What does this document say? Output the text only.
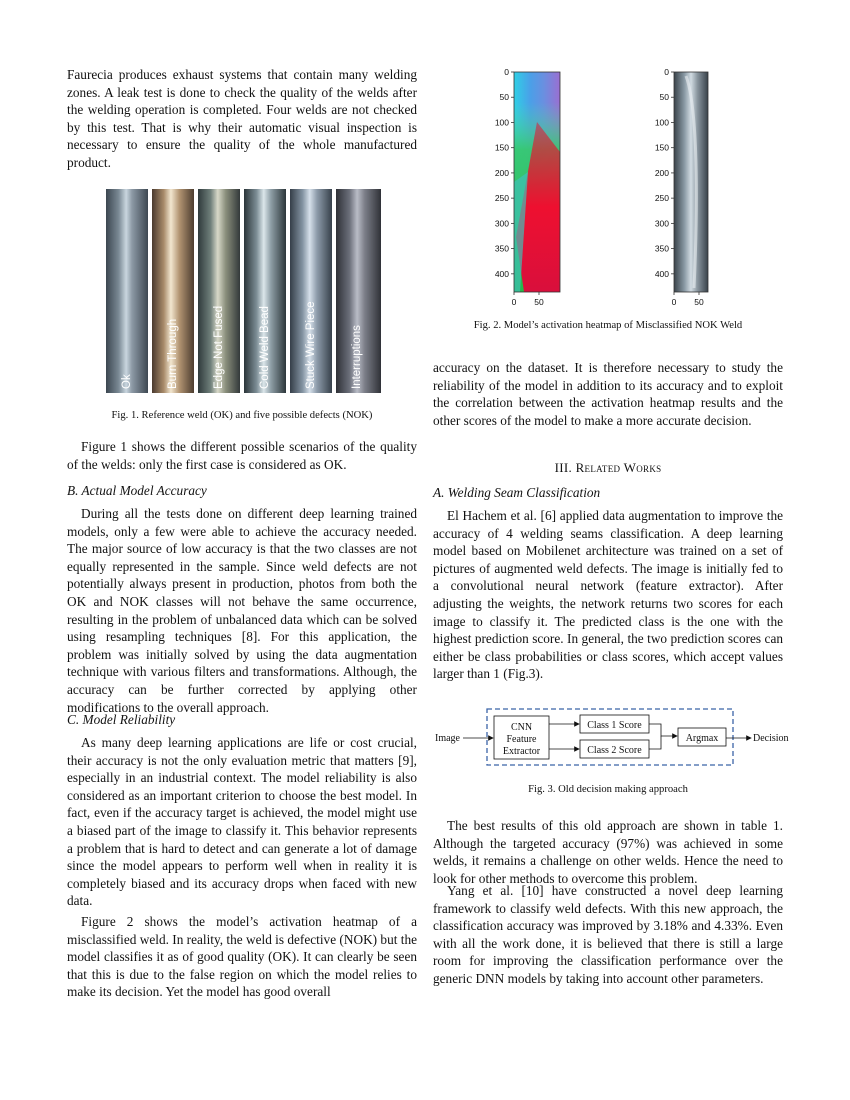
Faurecia produces exhaust systems that contain many welding zones. A leak test is done to check the quality of the welds after the welding operation is completed. Four welds are not checked by this test. That is why their automatic visual inspection is necessary to ensure the quality of the whole manufactured product.

Ok	Burn Through	Edge Not Fused	Cold Weld Bead	Stuck Wire Piece	Interruptions
Fig. 1. Reference weld (OK) and five possible defects (NOK)

Figure 1 shows the different possible scenarios of the quality of the welds: only the first case is considered as OK.

B. Actual Model Accuracy

During all the tests done on different deep learning trained models, only a few were able to achieve the accuracy needed. The major source of low accuracy is that the two classes are not equally represented in the sample. Since weld defects are not potentially always present in production, photos from both the OK and NOK classes will not behave the same occurrence, resulting in the problem of unbalanced data which can be solved using resampling techniques [8]. For this application, the problem was initially solved by using the data augmentation technique with various filters and transformations. Although, the accuracy can be further corrected by applying other modifications to the overall approach.

C. Model Reliability

As many deep learning applications are life or cost crucial, their accuracy is not the only evaluation metric that matters [9], especially in an industrial context. The model reliability is also considered as an important criterion to choose the best model. In fact, even if the accuracy target is achieved, the model might use a biased part of the image to classify it. This behavior represents a problem that is hard to detect and can generate a lot of damage since the model appears to perform well when in reality it is completely biased and its accuracy drops when faced with new data.

Figure 2 shows the model’s activation heatmap of a misclassified weld. In reality, the weld is defective (NOK) but the model classifies it as of good quality (OK). It can clearly be seen that this is due to the false region on which the model relies to make its decision. Yet the model has good overall

0
50
100
150
200
250
300
350
400
0 50
0
50
100
150
200
250
300
350
400
0 50
Fig. 2. Model’s activation heatmap of Misclassified NOK Weld

accuracy on the dataset. It is therefore necessary to study the reliability of the model in addition to its accuracy and to exploit the correlation between the activation heatmap results and the other scores of the model to make a more accurate decision.

III. Related Works
A. Welding Seam Classification

El Hachem et al. [6] applied data augmentation to improve the accuracy of 4 welding seams classification. A deep learning model based on Mobilenet architecture was trained on a set of pictures of augmented weld defects. The image is initially fed to a convolutional neural network (feature extractor). After adjusting the weights, the network returns two scores for each image to classify it. The predicted class is the one with the highest prediction score. In general, the two prediction scores can either be class probabilities or class scores, which accept values larger than 1 (Fig.3).

Image
CNN
Feature
Extractor
Class 1 Score
Class 2 Score
Argmax	Decision
Fig. 3. Old decision making approach

The best results of this old approach are shown in table 1. Although the targeted accuracy (97%) was achieved in some welds, it remains a challenge on other welds. Hence the need to look for other methods to overcome this problem.

Yang et al. [10] have constructed a novel deep learning framework to classify weld defects. With this new approach, the classification accuracy was improved by 3.18% and 4.33%. Even with all the work done, it is believed that there is still a large room for improving the classification performance over the generic DNN models by taking into account other parameters.
